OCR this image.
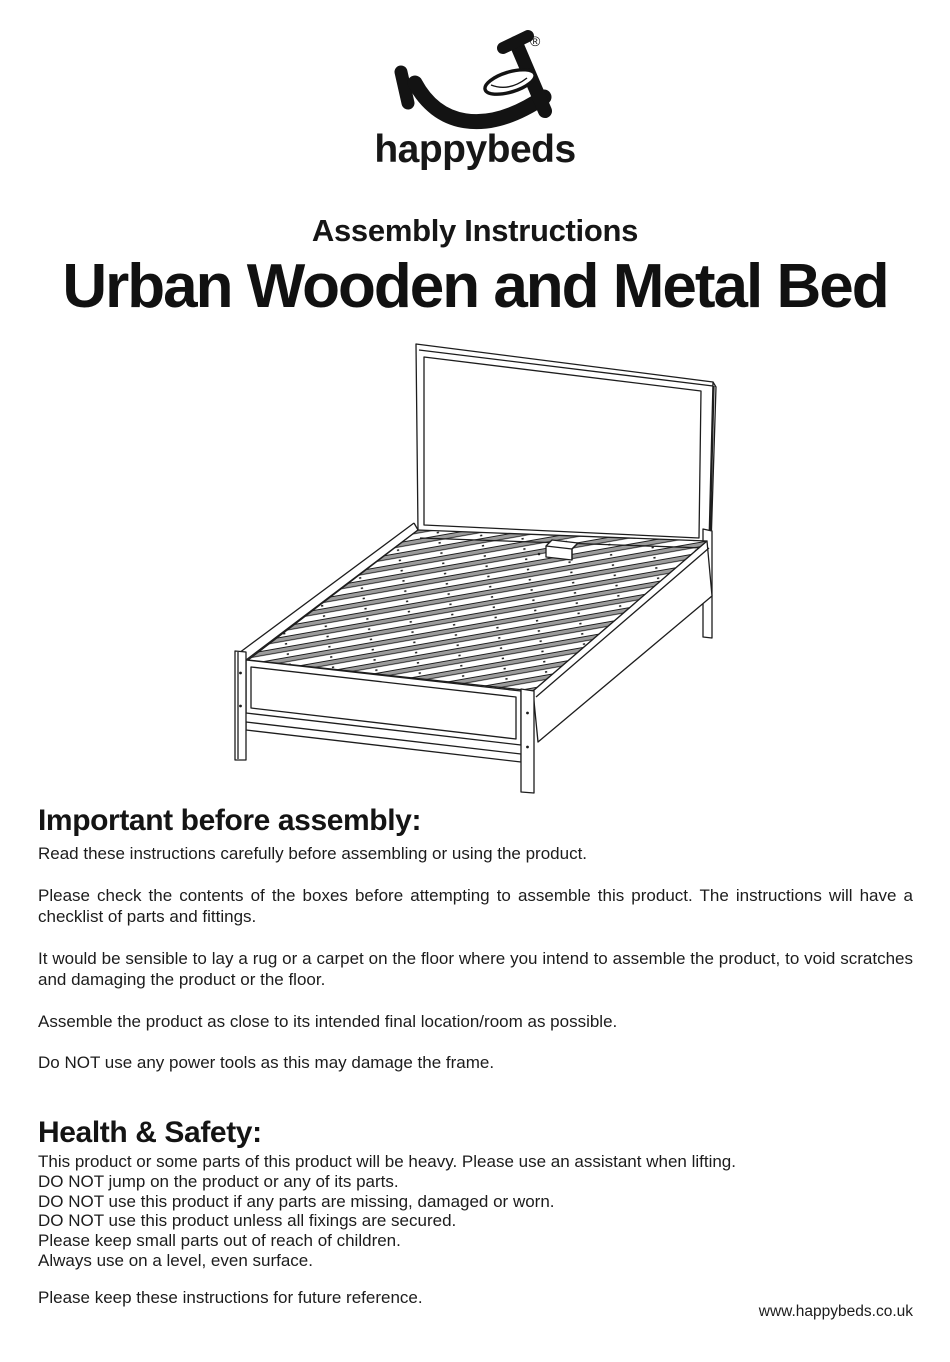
®
happybeds
Assembly Instructions
Urban Wooden and Metal Bed
Important before assembly:

Read these instructions carefully before assembling or using the product.

Please check the contents of the boxes before attempting to assemble this product. The instructions will have a checklist of parts and fittings.

It would be sensible to lay a rug or a carpet on the floor where you intend to assemble the product, to void scratches and damaging the product or the floor.

Assemble the product as close to its intended final location/room as possible.

Do NOT use any power tools as this may damage the frame.

Health & Safety:
This product or some parts of this product will be heavy. Please use an assistant when lifting.
DO NOT jump on the product or any of its parts.
DO NOT use this product if any parts are missing, damaged or worn.
DO NOT use this product unless all fixings are secured.
Please keep small parts out of reach of children.
Always use on a level, even surface.

Please keep these instructions for future reference.

www.happybeds.co.uk
